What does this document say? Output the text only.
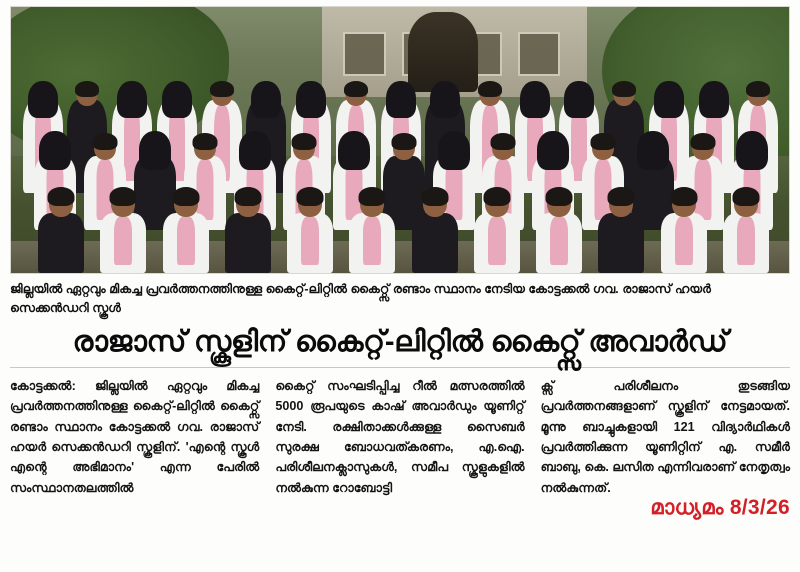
ജില്ലയിൽ ഏറ്റവും മികച്ച പ്രവർത്തനത്തിനുള്ള കൈറ്റ്-ലിറ്റിൽ കൈറ്റ്സ് രണ്ടാം സ്ഥാനം നേടിയ കോട്ടക്കൽ ഗവ. രാജാസ് ഹയർ സെക്കൻഡറി സ്കൂൾ
രാജാസ് സ്കൂളിന് കൈറ്റ്-ലിറ്റിൽ കൈറ്റ്സ് അവാർഡ്
കോട്ടക്കൽ: ജില്ലയിൽ ഏറ്റവും മികച്ച പ്രവർത്തനത്തിനുള്ള കൈറ്റ്-ലിറ്റിൽ കൈറ്റ്സ് രണ്ടാം സ്ഥാനം കോട്ടക്കൽ ഗവ. രാജാസ് ഹയർ സെക്കൻഡറി സ്കൂളിന്. 'എന്റെ സ്കൂൾ എന്റെ അഭിമാനം' എന്ന പേരിൽ സംസ്ഥാനതലത്തിൽ
കൈറ്റ് സംഘടിപ്പിച്ച റീൽ മത്സരത്തിൽ 5000 രൂപയുടെ കാഷ് അവാർഡും യൂണിറ്റ് നേടി. രക്ഷിതാക്കൾക്കുള്ള സൈബർ സുരക്ഷ ബോധവത്കരണം, എ.ഐ. പരിശീലനക്ലാസുകൾ, സമീപ സ്കൂളുകളിൽ നൽകുന്ന റോബോട്ടി
ക്സ് പരിശീലനം തുടങ്ങിയ പ്രവർത്തനങ്ങളാണ് സ്കൂളിന് നേട്ടമായത്. മൂന്നു ബാച്ചുകളായി 121 വിദ്യാർഥികൾ പ്രവർത്തിക്കുന്ന യൂണിറ്റിന് എ. സമീർ ബാബു, കെ. ലസിത എന്നിവരാണ് നേതൃത്വം നൽകുന്നത്.
മാധ്യമം 8/3/26
